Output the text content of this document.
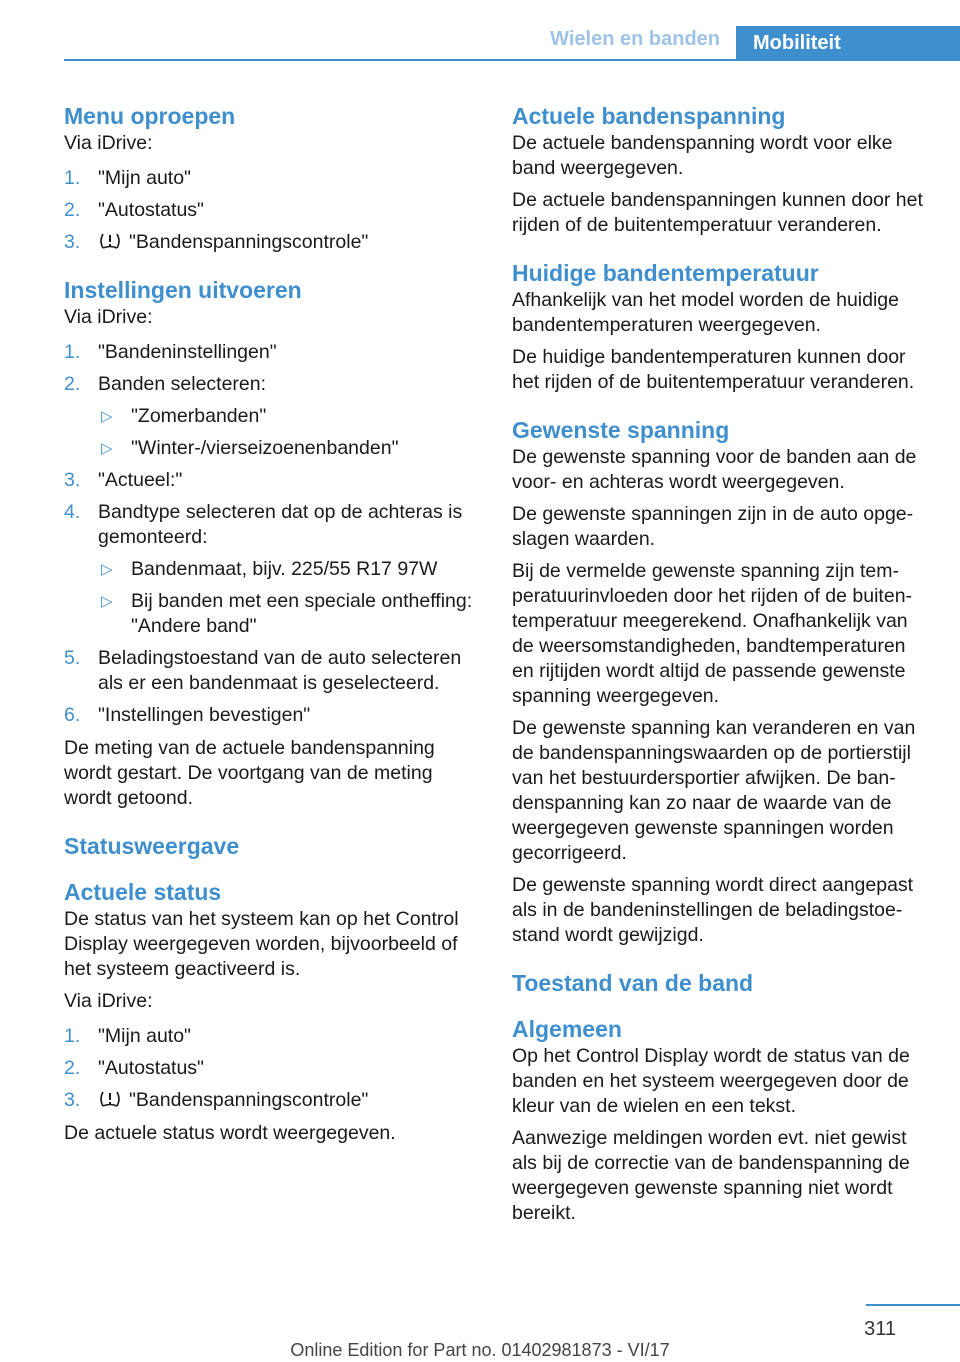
Wielen en banden	Mobiliteit
Menu oproepen

Via iDrive:

1. "Mijn auto"
2. "Autostatus"
3. "Bandenspanningscontrole"
Instellingen uitvoeren

Via iDrive:

1. "Bandeninstellingen"
2. Banden selecteren:
▷ "Zomerbanden"
▷ "Winter-/vierseizoenenbanden"
3. "Actueel:"
4. Bandtype selecteren dat op de achteras is gemonteerd:
▷ Bandenmaat, bijv. 225/55 R17 97W
▷ Bij banden met een speciale ontheffing: "Andere band"
5. Beladingstoestand van de auto selecteren als er een bandenmaat is geselecteerd.
6. "Instellingen bevestigen"

De meting van de actuele bandenspanning wordt gestart. De voortgang van de meting wordt getoond.

Statusweergave
Actuele status

De status van het systeem kan op het Control Display weergegeven worden, bijvoorbeeld of het systeem geactiveerd is.

Via iDrive:

1. "Mijn auto"
2. "Autostatus"
3. "Bandenspanningscontrole"

De actuele status wordt weergegeven.

Actuele bandenspanning

De actuele bandenspanning wordt voor elke band weergegeven.

De actuele bandenspanningen kunnen door het rijden of de buitentemperatuur veranderen.

Huidige bandentemperatuur

Afhankelijk van het model worden de huidige bandentemperaturen weergegeven.

De huidige bandentemperaturen kunnen door het rijden of de buitentemperatuur veranderen.

Gewenste spanning

De gewenste spanning voor de banden aan de voor- en achteras wordt weergegeven.

De gewenste spanningen zijn in de auto opgeslagen waarden.

Bij de vermelde gewenste spanning zijn temperatuurinvloeden door het rijden of de buitentemperatuur meegerekend. Onafhankelijk van de weersomstandigheden, bandtemperaturen en rijtijden wordt altijd de passende gewenste spanning weergegeven.

De gewenste spanning kan veranderen en van de bandenspanningswaarden op de portierstijl van het bestuurdersportier afwijken. De bandenspanning kan zo naar de waarde van de weergegeven gewenste spanningen worden gecorrigeerd.

De gewenste spanning wordt direct aangepast als in de bandeninstellingen de beladingstoestand wordt gewijzigd.

Toestand van de band
Algemeen

Op het Control Display wordt de status van de banden en het systeem weergegeven door de kleur van de wielen en een tekst.

Aanwezige meldingen worden evt. niet gewist als bij de correctie van de bandenspanning de weergegeven gewenste spanning niet wordt bereikt.

311
Online Edition for Part no. 01402981873 - VI/17
